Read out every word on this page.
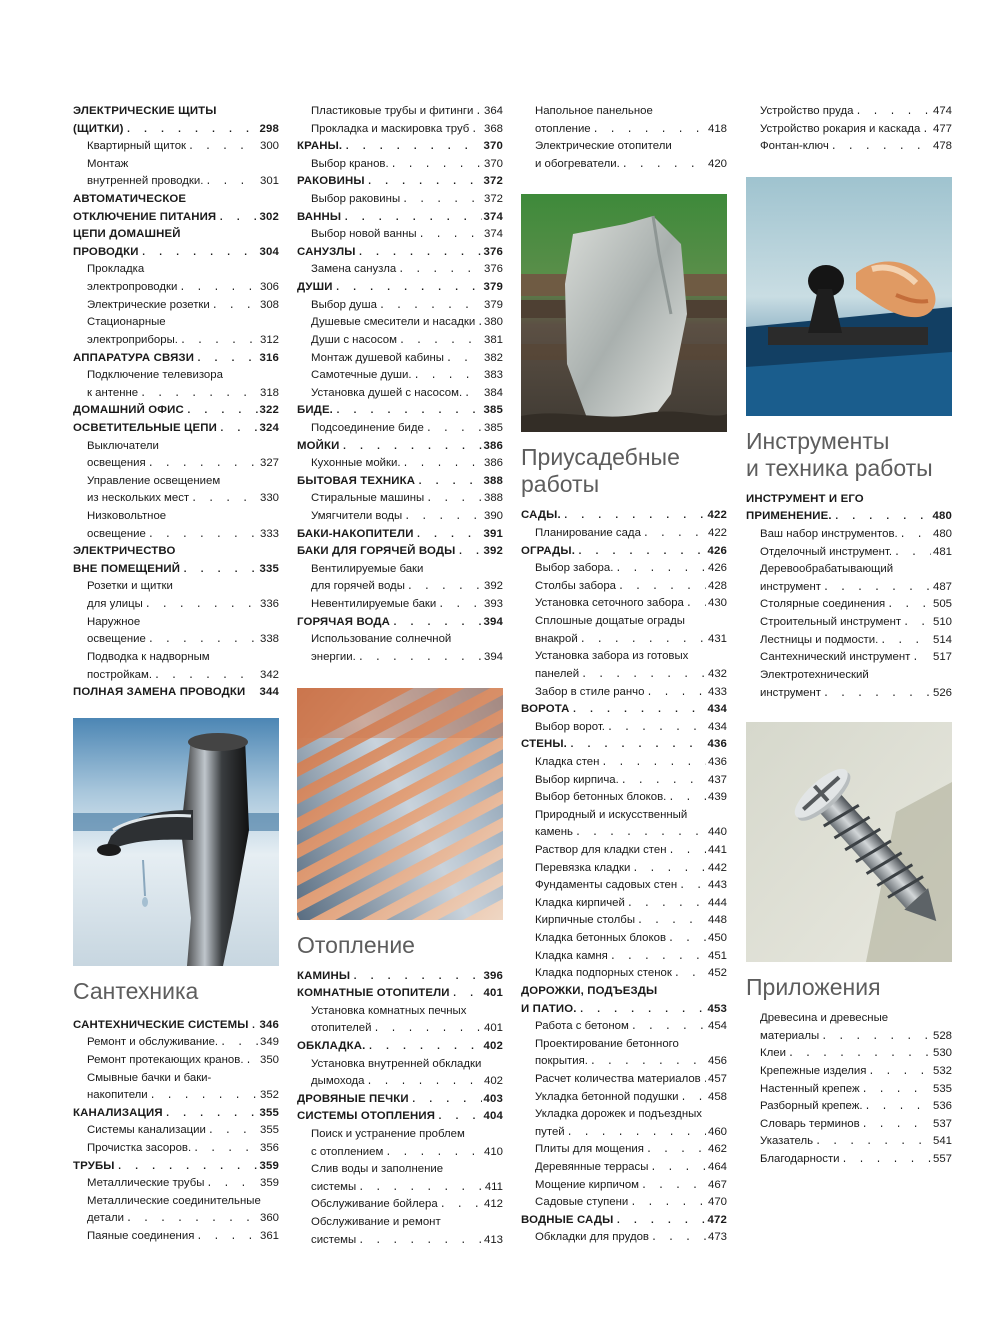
ЭЛЕКТРИЧЕСКИЕ ЩИТЫ
(ЩИТКИ) . . .	298
Квартирный щиток . . .	300
Монтаж
внутренней проводки. . . .	301
АВТОМАТИЧЕСКОЕ
ОТКЛЮЧЕНИЕ ПИТАНИЯ . . .	302
ЦЕПИ ДОМАШНЕЙ
ПРОВОДКИ . . .	304
Прокладка
электропроводки . . .	306
Электрические розетки . . .	308
Стационарные
электроприборы. . . .	312
АППАРАТУРА СВЯЗИ . . .	316
Подключение телевизора
к антенне . . .	318
ДОМАШНИЙ ОФИС . . .	322
ОСВЕТИТЕЛЬНЫЕ ЦЕПИ . . .	324
Выключатели
освещения . . .	327
Управление освещением
из нескольких мест . . .	330
Низковольтное
освещение . . .	333
ЭЛЕКТРИЧЕСТВО
ВНЕ ПОМЕЩЕНИЙ . . .	335
Розетки и щитки
для улицы . . .	336
Наружное
освещение . . .	338
Подводка к надворным
постройкам. . . .	342
ПОЛНАЯ ЗАМЕНА ПРОВОДКИ 344
Сантехника
САНТЕХНИЧЕСКИЕ СИСТЕМЫ . . . 346
Ремонт и обслуживание. . . .	349
Ремонт протекающих кранов. . . . 350
Смывные бачки и баки-
накопители . . .	352
КАНАЛИЗАЦИЯ . . .	355
Системы канализации . . .	355
Прочистка засоров. . . .	356
ТРУБЫ . . .	359
Металлические трубы . . .	359
Металлические соединительные
детали . . .	360
Паяные соединения . . .	361
Пластиковые трубы и фитинги . . . 364
Прокладка и маскировка труб . . . 368
КРАНЫ. . . .	370
Выбор кранов. . . .	370
РАКОВИНЫ . . .	372
Выбор раковины . . .	372
ВАННЫ . . .	374
Выбор новой ванны . . .	374
САНУЗЛЫ . . .	376
Замена санузла . . .	376
ДУШИ . . .	379
Выбор душа . . .	379
Душевые смесители и насадки . . . 380
Души с насосом . . .	381
Монтаж душевой кабины . . .	382
Самотечные души. . . .	383
Установка душей с насосом. . . . 384
БИДЕ. . . .	385
Подсоединение биде . . .	385
МОЙКИ . . .	386
Кухонные мойки. . . .	386
БЫТОВАЯ ТЕХНИКА . . .	388
Стиральные машины . . .	388
Умягчители воды . . .	390
БАКИ-НАКОПИТЕЛИ . . .	391
БАКИ ДЛЯ ГОРЯЧЕЙ ВОДЫ . . . 392
Вентилируемые баки
для горячей воды . . .	392
Невентилируемые баки . . .	393
ГОРЯЧАЯ ВОДА . . .	394
Использование солнечной
энергии. . . .	394
Отопление
КАМИНЫ . . .	396
КОМНАТНЫЕ ОТОПИТЕЛИ . . .	401
Установка комнатных печных
отопителей . . .	401
ОБКЛАДКА. . . .	402
Установка внутренней обкладки
дымохода . . .	402
ДРОВЯНЫЕ ПЕЧКИ . . .	403
СИСТЕМЫ ОТОПЛЕНИЯ . . .	404
Поиск и устранение проблем
с отоплением . . .	410
Слив воды и заполнение
системы . . .	411
Обслуживание бойлера . . .	412
Обслуживание и ремонт
системы . . .	413
Напольное панельное
отопление . . .	418
Электрические отопители
и обогреватели. . . .	420
Приусадебные
работы
САДЫ. . . .	422
Планирование сада . . .	422
ОГРАДЫ. . . .	426
Выбор забора. . . .	426
Столбы забора . . .	428
Установка сеточного забора . . . 430
Сплошные дощатые ограды
внакрой . . .	431
Установка забора из готовых
панелей . . .	432
Забор в стиле ранчо . . .	433
ВОРОТА . . .	434
Выбор ворот. . . .	434
СТЕНЫ. . . .	436
Кладка стен . . .	436
Выбор кирпича. . . .	437
Выбор бетонных блоков. . . .	439
Природный и искусственный
камень . . .	440
Раствор для кладки стен . . .	441
Перевязка кладки . . .	442
Фундаменты садовых стен . . .	443
Кладка кирпичей . . .	444
Кирпичные столбы . . .	448
Кладка бетонных блоков . . .	450
Кладка камня . . .	451
Кладка подпорных стенок . . .	452
ДОРОЖКИ, ПОДЪЕЗДЫ
И ПАТИО. . . .	453
Работа с бетоном . . .	454
Проектирование бетонного
покрытия. . . .	456
Расчет количества материалов . . . 457
Укладка бетонной подушки . . .	458
Укладка дорожек и подъездных
путей . . .	460
Плиты для мощения . . .	462
Деревянные террасы . . .	464
Мощение кирпичом . . .	467
Садовые ступени . . .	470
ВОДНЫЕ САДЫ . . .	472
Обкладки для прудов . . .	473
Устройство пруда . . .	474
Устройство рокария и каскада . . . 477
Фонтан-ключ . . .	478
Инструменты
и техника работы
ИНСТРУМЕНТ И ЕГО
ПРИМЕНЕНИЕ. . . .	480
Ваш набор инструментов. . . .	480
Отделочный инструмент. . . .	481
Деревообрабатывающий
инструмент . . .	487
Столярные соединения . . .	505
Строительный инструмент . . .	510
Лестницы и подмости. . . .	514
Сантехнический инструмент . . . 517
Электротехнический
инструмент . . .	526
Приложения
Древесина и древесные
материалы . . .	528
Клеи . . .	530
Крепежные изделия . . .	532
Настенный крепеж . . .	535
Разборный крепеж. . . .	536
Словарь терминов . . .	537
Указатель . . .	541
Благодарности . . .	557
